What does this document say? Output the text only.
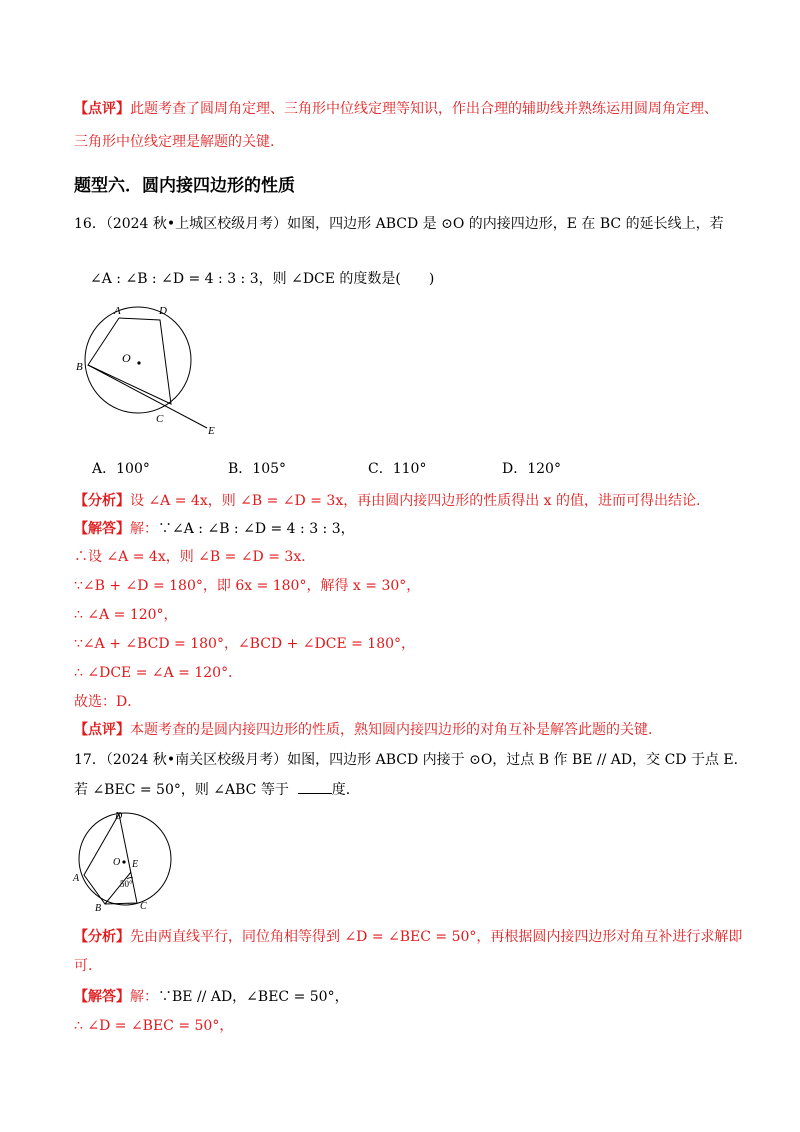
【点评】此题考查了圆周角定理、三角形中位线定理等知识，作出合理的辅助线并熟练运用圆周角定理、
三角形中位线定理是解题的关键.
题型六．圆内接四边形的性质
16．（2024 秋•上城区校级月考）如图，四边形 ABCD 是 ⊙O 的内接四边形，E 在 BC 的延长线上，若
∠A : ∠B : ∠D = 4 : 3 : 3，则 ∠DCE 的度数是(　　)
A	D
B
C
E
O
A．100°	B．105°	C．110°	D．120°
【分析】设 ∠A = 4x，则 ∠B = ∠D = 3x，再由圆内接四边形的性质得出 x 的值，进而可得出结论.
【解答】解：∵∠A : ∠B : ∠D = 4 : 3 : 3，
∴设 ∠A = 4x，则 ∠B = ∠D = 3x．
∵∠B + ∠D = 180°，即 6x = 180°，解得 x = 30°，
∴ ∠A = 120°，
∵∠A + ∠BCD = 180°，∠BCD + ∠DCE = 180°，
∴ ∠DCE = ∠A = 120°．
故选：D．
【点评】本题考查的是圆内接四边形的性质，熟知圆内接四边形的对角互补是解答此题的关键.
17．（2024 秋•南关区校级月考）如图，四边形 ABCD 内接于 ⊙O，过点 B 作 BE // AD，交 CD 于点 E．
若 ∠BEC = 50°，则 ∠ABC 等于	度.
D
A
B	C
E
O
50°
【分析】先由两直线平行，同位角相等得到 ∠D = ∠BEC = 50°，再根据圆内接四边形对角互补进行求解即
可.
【解答】解：∵BE // AD，∠BEC = 50°，
∴ ∠D = ∠BEC = 50°，
